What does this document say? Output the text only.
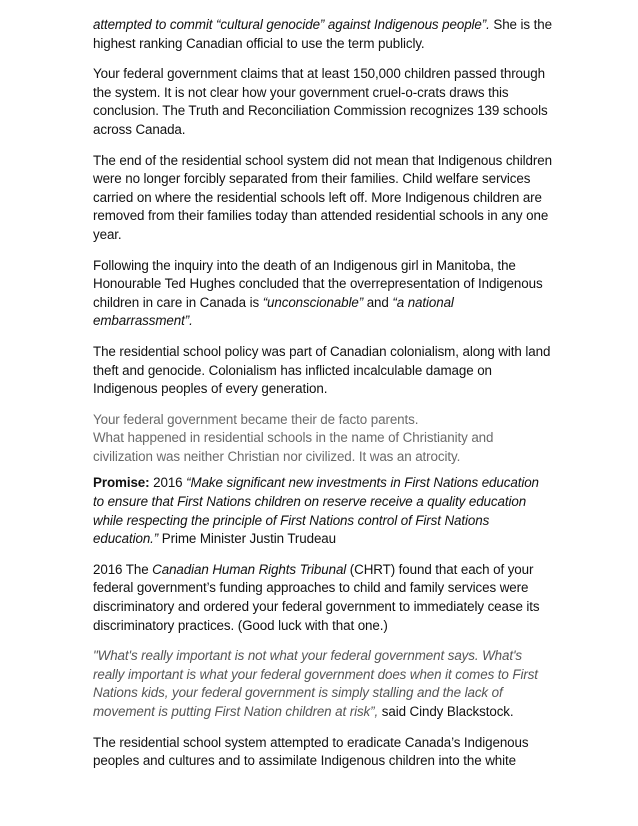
attempted to commit “cultural genocide” against Indigenous people”. She is the highest ranking Canadian official to use the term publicly.

Your federal government claims that at least 150,000 children passed through the system. It is not clear how your government cruel-o-crats draws this conclusion. The Truth and Reconciliation Commission recognizes 139 schools across Canada.

The end of the residential school system did not mean that Indigenous children were no longer forcibly separated from their families. Child welfare services carried on where the residential schools left off. More Indigenous children are removed from their families today than attended residential schools in any one year.

Following the inquiry into the death of an Indigenous girl in Manitoba, the Honourable Ted Hughes concluded that the overrepresentation of Indigenous children in care in Canada is “unconscionable” and “a national embarrassment”.

The residential school policy was part of Canadian colonialism, along with land theft and genocide. Colonialism has inflicted incalculable damage on Indigenous peoples of every generation.

Your federal government became their de facto parents.
What happened in residential schools in the name of Christianity and civilization was neither Christian nor civilized. It was an atrocity.

Promise: 2016 “Make significant new investments in First Nations education to ensure that First Nations children on reserve receive a quality education while respecting the principle of First Nations control of First Nations education.” Prime Minister Justin Trudeau

2016 The Canadian Human Rights Tribunal (CHRT) found that each of your federal government’s funding approaches to child and family services were discriminatory and ordered your federal government to immediately cease its discriminatory practices. (Good luck with that one.)

"What's really important is not what your federal government says. What's really important is what your federal government does when it comes to First Nations kids, your federal government is simply stalling and the lack of movement is putting First Nation children at risk”, said Cindy Blackstock.

The residential school system attempted to eradicate Canada’s Indigenous peoples and cultures and to assimilate Indigenous children into the white
